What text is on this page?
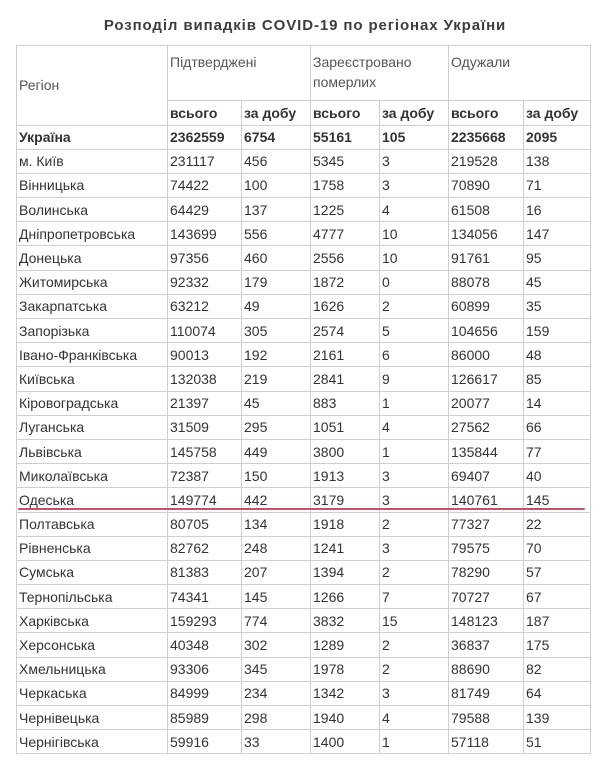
Розподіл випадків COVID-19 по регіонах України
Регіон	Підтверджені		Зареєстровано померлих		Одужали	
	всього	за добу	всього	за добу	всього	за добу
Україна	2362559	6754	55161	105	2235668	2095
м. Київ	231117	456	5345	3	219528	138
Вінницька	74422	100	1758	3	70890	71
Волинська	64429	137	1225	4	61508	16
Дніпропетровська	143699	556	4777	10	134056	147
Донецька	97356	460	2556	10	91761	95
Житомирська	92332	179	1872	0	88078	45
Закарпатська	63212	49	1626	2	60899	35
Запорізька	110074	305	2574	5	104656	159
Івано-Франківська	90013	192	2161	6	86000	48
Київська	132038	219	2841	9	126617	85
Кіровоградська	21397	45	883	1	20077	14
Луганська	31509	295	1051	4	27562	66
Львівська	145758	449	3800	1	135844	77
Миколаївська	72387	150	1913	3	69407	40
Одеська	149774	442	3179	3	140761	145
Полтавська	80705	134	1918	2	77327	22
Рівненська	82762	248	1241	3	79575	70
Сумська	81383	207	1394	2	78290	57
Тернопільська	74341	145	1266	7	70727	67
Харківська	159293	774	3832	15	148123	187
Херсонська	40348	302	1289	2	36837	175
Хмельницька	93306	345	1978	2	88690	82
Черкаська	84999	234	1342	3	81749	64
Чернівецька	85989	298	1940	4	79588	139
Чернігівська	59916	33	1400	1	57118	51
